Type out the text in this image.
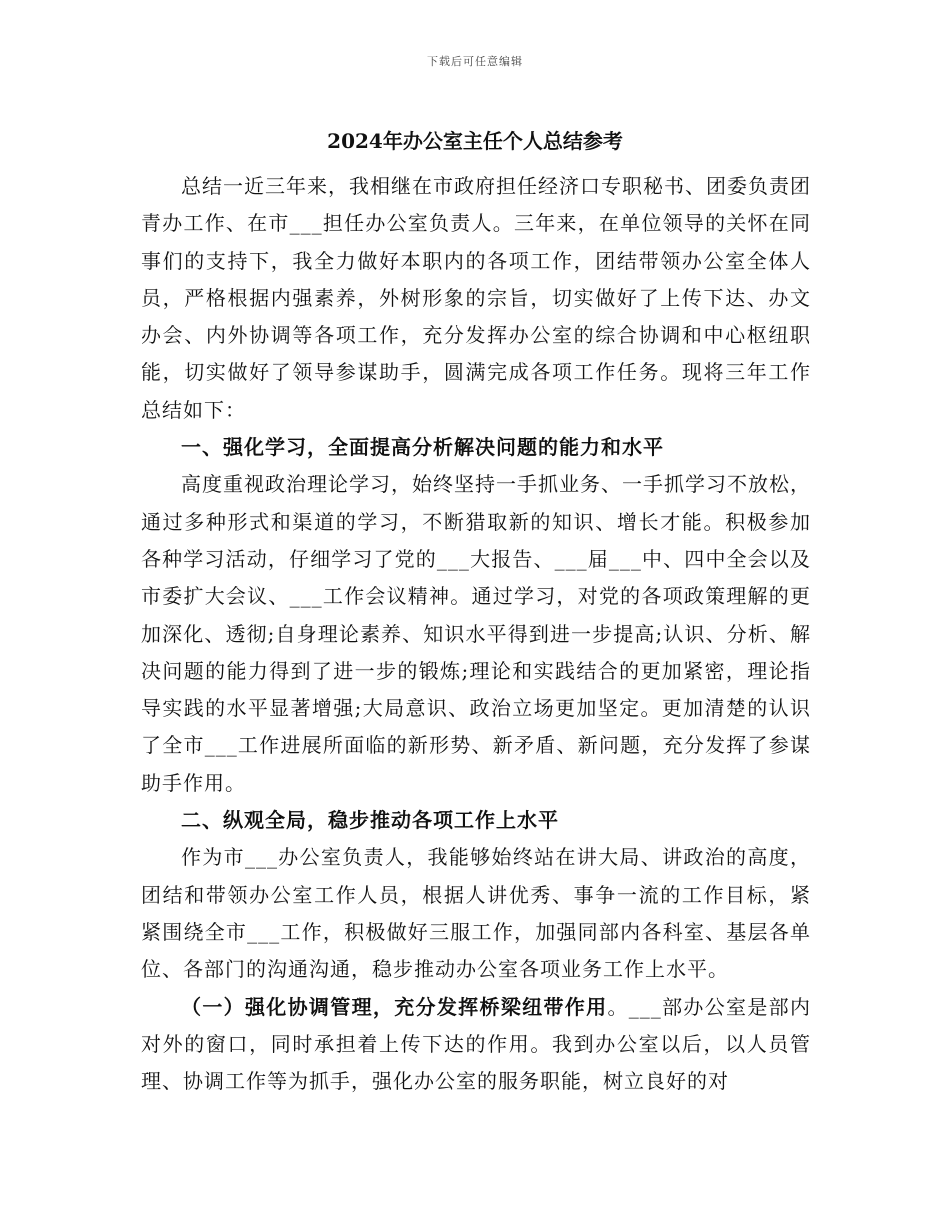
下载后可任意编辑
2024年办公室主任个人总结参考

总结一近三年来，我相继在市政府担任经济口专职秘书、团委负责团青办工作、在市___担任办公室负责人。三年来，在单位领导的关怀在同事们的支持下，我全力做好本职内的各项工作，团结带领办公室全体人员，严格根据内强素养，外树形象的宗旨，切实做好了上传下达、办文办会、内外协调等各项工作，充分发挥办公室的综合协调和中心枢纽职能，切实做好了领导参谋助手，圆满完成各项工作任务。现将三年工作总结如下：

一、强化学习，全面提高分析解决问题的能力和水平

高度重视政治理论学习，始终坚持一手抓业务、一手抓学习不放松，通过多种形式和渠道的学习，不断猎取新的知识、增长才能。积极参加各种学习活动，仔细学习了党的___大报告、___届___中、四中全会以及市委扩大会议、___工作会议精神。通过学习，对党的各项政策理解的更加深化、透彻;自身理论素养、知识水平得到进一步提高;认识、分析、解决问题的能力得到了进一步的锻炼;理论和实践结合的更加紧密，理论指导实践的水平显著增强;大局意识、政治立场更加坚定。更加清楚的认识了全市___工作进展所面临的新形势、新矛盾、新问题，充分发挥了参谋助手作用。

二、纵观全局，稳步推动各项工作上水平

作为市___办公室负责人，我能够始终站在讲大局、讲政治的高度，团结和带领办公室工作人员，根据人讲优秀、事争一流的工作目标，紧紧围绕全市___工作，积极做好三服工作，加强同部内各科室、基层各单位、各部门的沟通沟通，稳步推动办公室各项业务工作上水平。

（一）强化协调管理，充分发挥桥梁纽带作用。___部办公室是部内对外的窗口，同时承担着上传下达的作用。我到办公室以后，以人员管理、协调工作等为抓手，强化办公室的服务职能，树立良好的对
